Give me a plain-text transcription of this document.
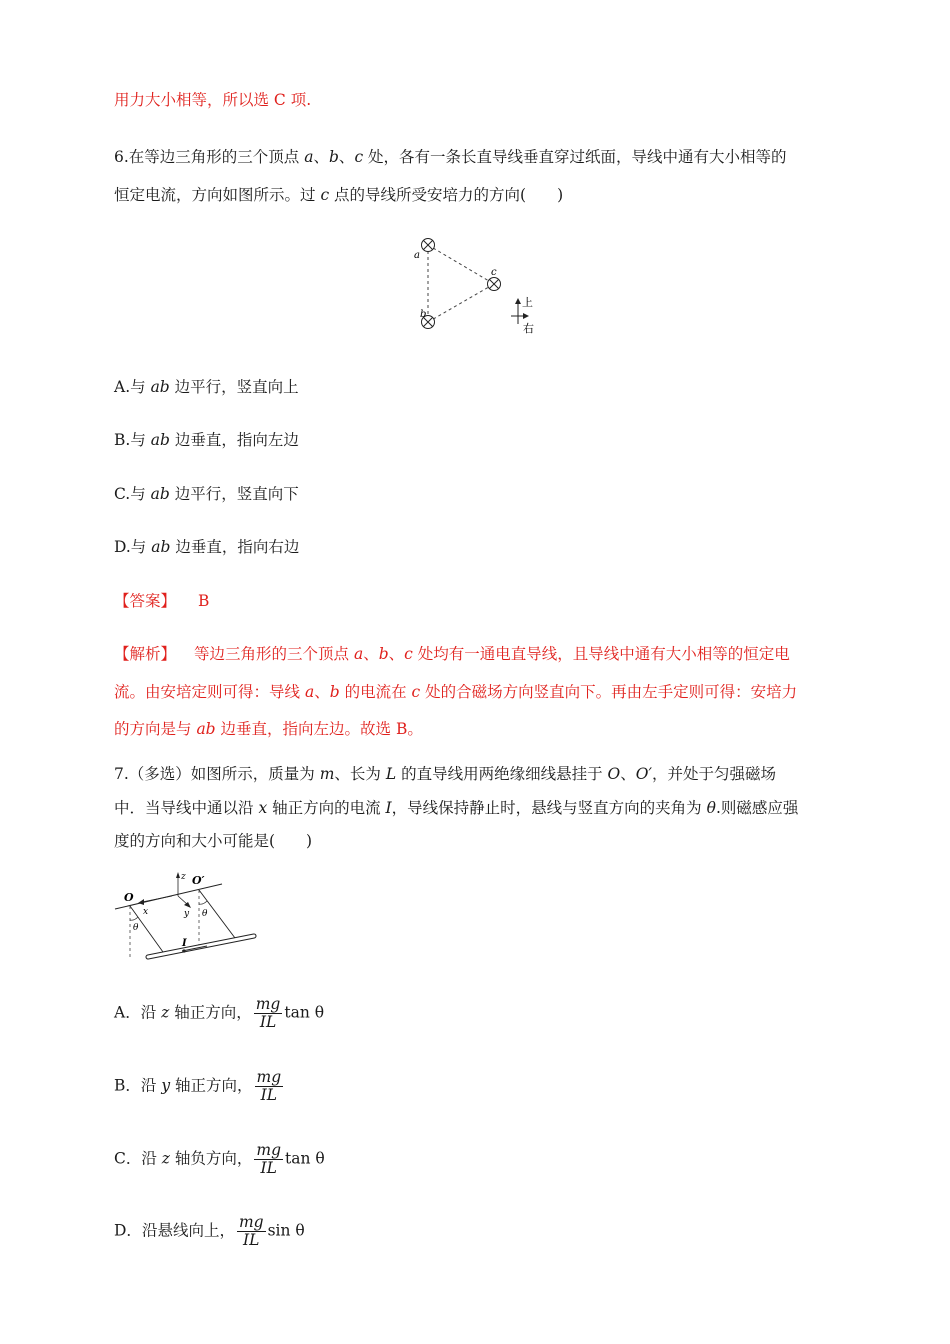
用力大小相等，所以选 C 项.
6.在等边三角形的三个顶点 a、b、c 处，各有一条长直导线垂直穿过纸面，导线中通有大小相等的
恒定电流，方向如图所示。过 c 点的导线所受安培力的方向(　　)
a
b
c
上
右
A.与 ab 边平行，竖直向上
B.与 ab 边垂直，指向左边
C.与 ab 边平行，竖直向下
D.与 ab 边垂直，指向右边
【答案】 B
【解析】 等边三角形的三个顶点 a、b、c 处均有一通电直导线，且导线中通有大小相等的恒定电
流。由安培定则可得：导线 a、b 的电流在 c 处的合磁场方向竖直向下。再由左手定则可得：安培力
的方向是与 ab 边垂直，指向左边。故选 B。
7.（多选）如图所示，质量为 m、长为 L 的直导线用两绝缘细线悬挂于 O、O′，并处于匀强磁场
中．当导线中通以沿 x 轴正方向的电流 I，导线保持静止时，悬线与竖直方向的夹角为 θ.则磁感应强
度的方向和大小可能是(　　)
O
O′
x	y
z
θ
θ
I
A．沿 z 轴正方向， $\frac{mg}{IL}$ tan θ
B．沿 y 轴正方向， $\frac{mg}{IL}$
C．沿 z 轴负方向， $\frac{mg}{IL}$ tan θ
D．沿悬线向上， $\frac{mg}{IL}$ sin θ
